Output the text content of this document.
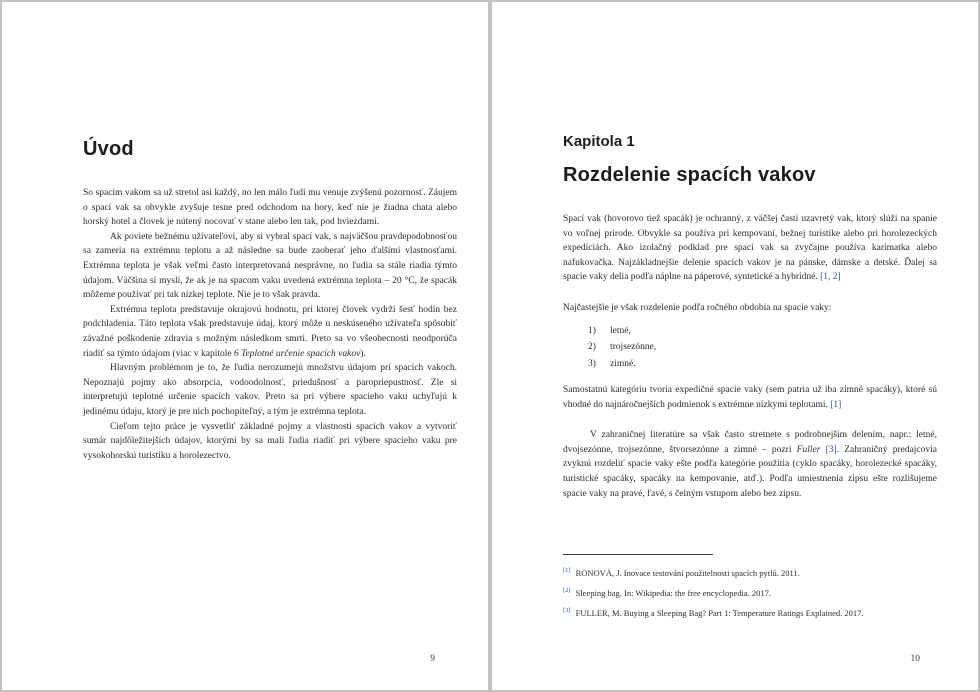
Úvod

So spacím vakom sa už stretol asi každý, no len málo ľudí mu venuje zvýšenú pozornosť. Záujem o spací vak sa obvykle zvyšuje tesne pred odchodom na hory, keď nie je žiadna chata alebo horský hotel a človek je nútený nocovať v stane alebo len tak, pod hviezdami.

Ak poviete bežnému užívateľovi, aby si vybral spací vak, s najväčšou pravdepodobnosťou sa zameria na extrémnu teplotu a až následne sa bude zaoberať jeho ďalšími vlastnosťami. Extrémna teplota je však veľmi často interpretovaná nesprávne, no ľudia sa stále riadia týmto údajom. Väčšina si myslí, že ak je na spacom vaku uvedená extrémna teplota – 20 °C, že spacák môžeme používať pri tak nízkej teplote. Nie je to však pravda.

Extrémna teplota predstavuje okrajovú hodnotu, pri ktorej človek vydrží šesť hodín bez podchladenia. Táto teplota však predstavuje údaj, ktorý môže u neskúseného užívateľa spôsobiť závažné poškodenie zdravia s možným následkom smrti. Preto sa vo všeobecnosti neodporúča riadiť sa týmto údajom (viac v kapitole 6 Teplotné určenie spacích vakov).

Hlavným problémom je to, že ľudia nerozumejú množstvu údajom pri spacích vakoch. Nepoznajú pojmy ako absorpcia, vodoodolnosť, priedušnosť a paropriepustnosť. Zle si interpretujú teplotné určenie spacích vakov. Preto sa pri výbere spacieho vaku uchyľujú k jedinému údaju, ktorý je pre nich pochopiteľný, a tým je extrémna teplota.

Cieľom tejto práce je vysvetliť základné pojmy a vlastnosti spacích vakov a vytvoriť sumár najdôležitejších údajov, ktorými by sa mali ľudia riadiť pri výbere spacieho vaku pre vysokohorskú turistiku a horolezectvo.

9
Kapitola 1
Rozdelenie spacích vakov

Spací vak (hovorovo tiež spacák) je ochranný, z väčšej časti uzavretý vak, ktorý slúži na spanie vo voľnej prírode. Obvykle sa používa pri kempovaní, bežnej turistike alebo pri horolezeckých expedíciách. Ako izolačný podklad pre spací vak sa zvyčajne používa karimatka alebo nafukovačka. Najzákladnejšie delenie spacích vakov je na pánske, dámske a detské. Ďalej sa spacie vaky delia podľa náplne na páperové, syntetické a hybridné. [1, 2]

Najčastejšie je však rozdelenie podľa ročného obdobia na spacie vaky:

1) letné,
2) trojsezónne,
3) zimné.

Samostatnú kategóriu tvoria expedičné spacie vaky (sem patria už iba zimné spacáky), ktoré sú vhodné do najnáročnejších podmienok s extrémne nízkymi teplotami. [1]

V zahraničnej literatúre sa však často stretnete s podrobnejším delením, napr.: letné, dvojsezónne, trojsezónne, štvorsezónne a zimné – pozri Fuller [3]. Zahraničný predajcovia zvyknú rozdeliť spacie vaky ešte podľa kategórie použitia (cyklo spacáky, horolezecké spacáky, turistické spacáky, spacáky na kempovanie, atď.). Podľa umiestnenia zipsu ešte rozlišujeme spacie vaky na pravé, ľavé, s čelným vstupom alebo bez zipsu.

[1] RONOVÁ, J. Inovace testování použitelnosti spacích pytlů. 2011.
[2] Sleeping bag. In: Wikipedia: the free encyclopedia. 2017.
[3] FULLER, M. Buying a Sleeping Bag? Part 1: Temperature Ratings Explained. 2017.
10
